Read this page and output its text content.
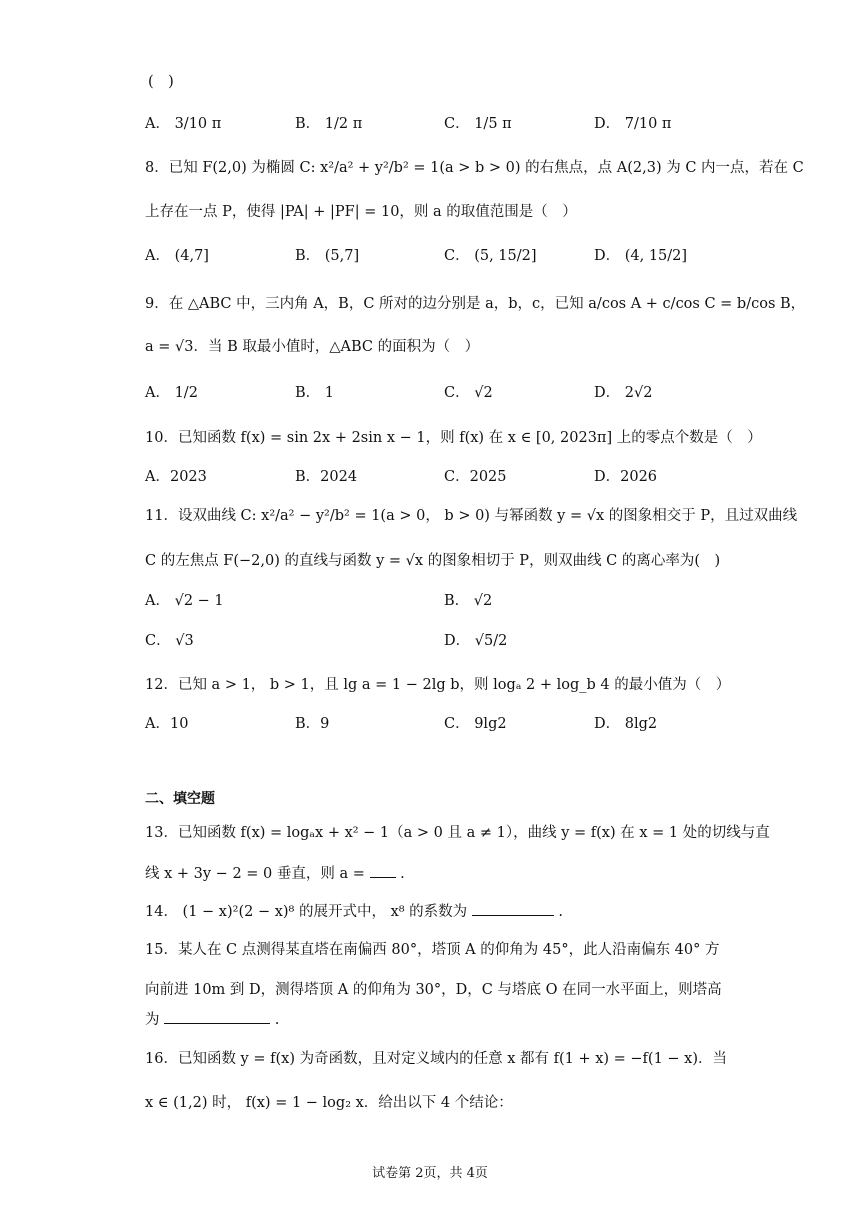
(　)
A． 3/10 π	B． 1/2 π	C． 1/5 π	D． 7/10 π
8．已知 F(2,0) 为椭圆 C: x²/a² + y²/b² = 1(a > b > 0) 的右焦点，点 A(2,3) 为 C 内一点，若在 C
上存在一点 P，使得 |PA| + |PF| = 10，则 a 的取值范围是（　）
A． (4,7]	B． (5,7]	C． (5, 15/2]	D． (4, 15/2]
9．在 △ABC 中，三内角 A，B，C 所对的边分别是 a，b，c，已知 a/cos A + c/cos C = b/cos B，
a = √3．当 B 取最小值时，△ABC 的面积为（　）
A． 1/2	B． 1	C． √2	D． 2√2
10．已知函数 f(x) = sin 2x + 2sin x − 1，则 f(x) 在 x ∈ [0, 2023π] 上的零点个数是（　）
A．2023	B．2024	C．2025	D．2026
11．设双曲线 C: x²/a² − y²/b² = 1(a > 0， b > 0) 与幂函数 y = √x 的图象相交于 P，且过双曲线
C 的左焦点 F(−2,0) 的直线与函数 y = √x 的图象相切于 P，则双曲线 C 的离心率为(　)
A． √2 − 1	B． √2
C． √3	D． √5/2
12．已知 a > 1， b > 1，且 lg a = 1 − 2lg b，则 logₐ 2 + log_b 4 的最小值为（　）
A．10	B．9	C． 9lg2	D． 8lg2
二、填空题
13．已知函数 f(x) = logₐx + x² − 1（a > 0 且 a ≠ 1），曲线 y = f(x) 在 x = 1 处的切线与直
线 x + 3y − 2 = 0 垂直，则 a = .
14． (1 − x)²(2 − x)⁸ 的展开式中， x⁸ 的系数为	.
15．某人在 C 点测得某直塔在南偏西 80°，塔顶 A 的仰角为 45°，此人沿南偏东 40° 方
向前进 10m 到 D，测得塔顶 A 的仰角为 30°，D，C 与塔底 O 在同一水平面上，则塔高
为	.
16．已知函数 y = f(x) 为奇函数，且对定义域内的任意 x 都有 f(1 + x) = −f(1 − x)．当
x ∈ (1,2) 时， f(x) = 1 − log₂ x．给出以下 4 个结论：
试卷第 2页，共 4页
